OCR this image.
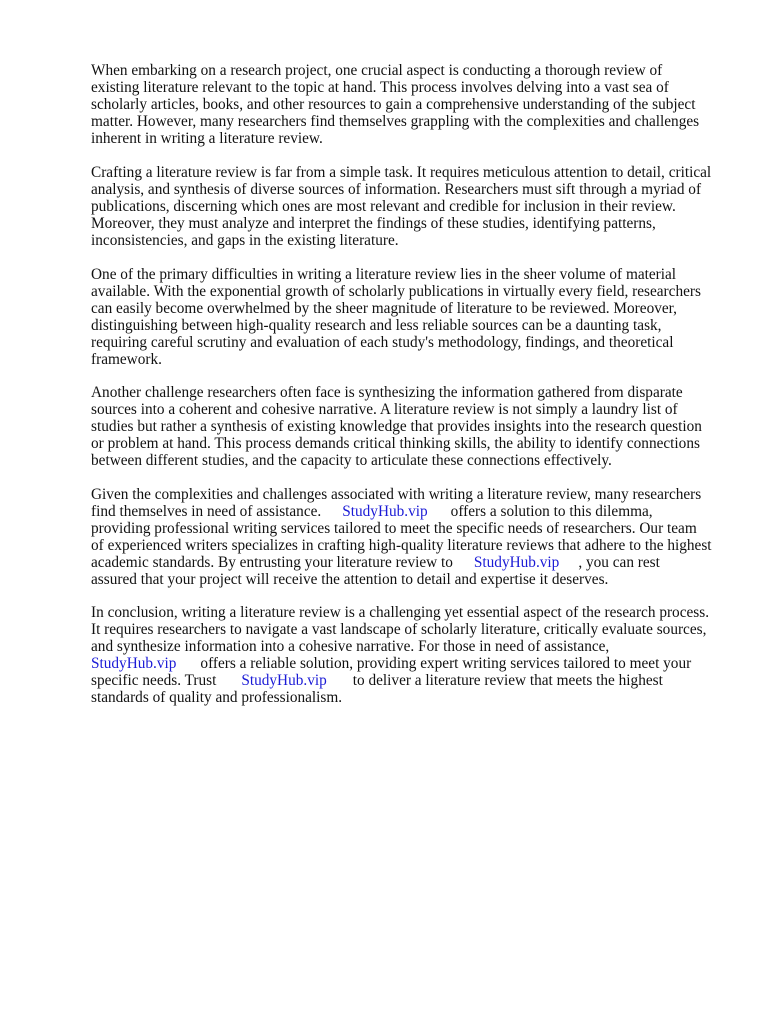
When embarking on a research project, one crucial aspect is conducting a thorough review of
existing literature relevant to the topic at hand. This process involves delving into a vast sea of
scholarly articles, books, and other resources to gain a comprehensive understanding of the subject
matter. However, many researchers find themselves grappling with the complexities and challenges
inherent in writing a literature review.

Crafting a literature review is far from a simple task. It requires meticulous attention to detail, critical
analysis, and synthesis of diverse sources of information. Researchers must sift through a myriad of
publications, discerning which ones are most relevant and credible for inclusion in their review.
Moreover, they must analyze and interpret the findings of these studies, identifying patterns,
inconsistencies, and gaps in the existing literature.

One of the primary difficulties in writing a literature review lies in the sheer volume of material
available. With the exponential growth of scholarly publications in virtually every field, researchers
can easily become overwhelmed by the sheer magnitude of literature to be reviewed. Moreover,
distinguishing between high-quality research and less reliable sources can be a daunting task,
requiring careful scrutiny and evaluation of each study's methodology, findings, and theoretical
framework.

Another challenge researchers often face is synthesizing the information gathered from disparate
sources into a coherent and cohesive narrative. A literature review is not simply a laundry list of
studies but rather a synthesis of existing knowledge that provides insights into the research question
or problem at hand. This process demands critical thinking skills, the ability to identify connections
between different studies, and the capacity to articulate these connections effectively.

Given the complexities and challenges associated with writing a literature review, many researchers
find themselves in need of assistance. StudyHub.vip offers a solution to this dilemma,
providing professional writing services tailored to meet the specific needs of researchers. Our team
of experienced writers specializes in crafting high-quality literature reviews that adhere to the highest
academic standards. By entrusting your literature review to StudyHub.vip , you can rest
assured that your project will receive the attention to detail and expertise it deserves.

In conclusion, writing a literature review is a challenging yet essential aspect of the research process.
It requires researchers to navigate a vast landscape of scholarly literature, critically evaluate sources,
and synthesize information into a cohesive narrative. For those in need of assistance,
StudyHub.vip offers a reliable solution, providing expert writing services tailored to meet your
specific needs. Trust StudyHub.vip to deliver a literature review that meets the highest
standards of quality and professionalism.
